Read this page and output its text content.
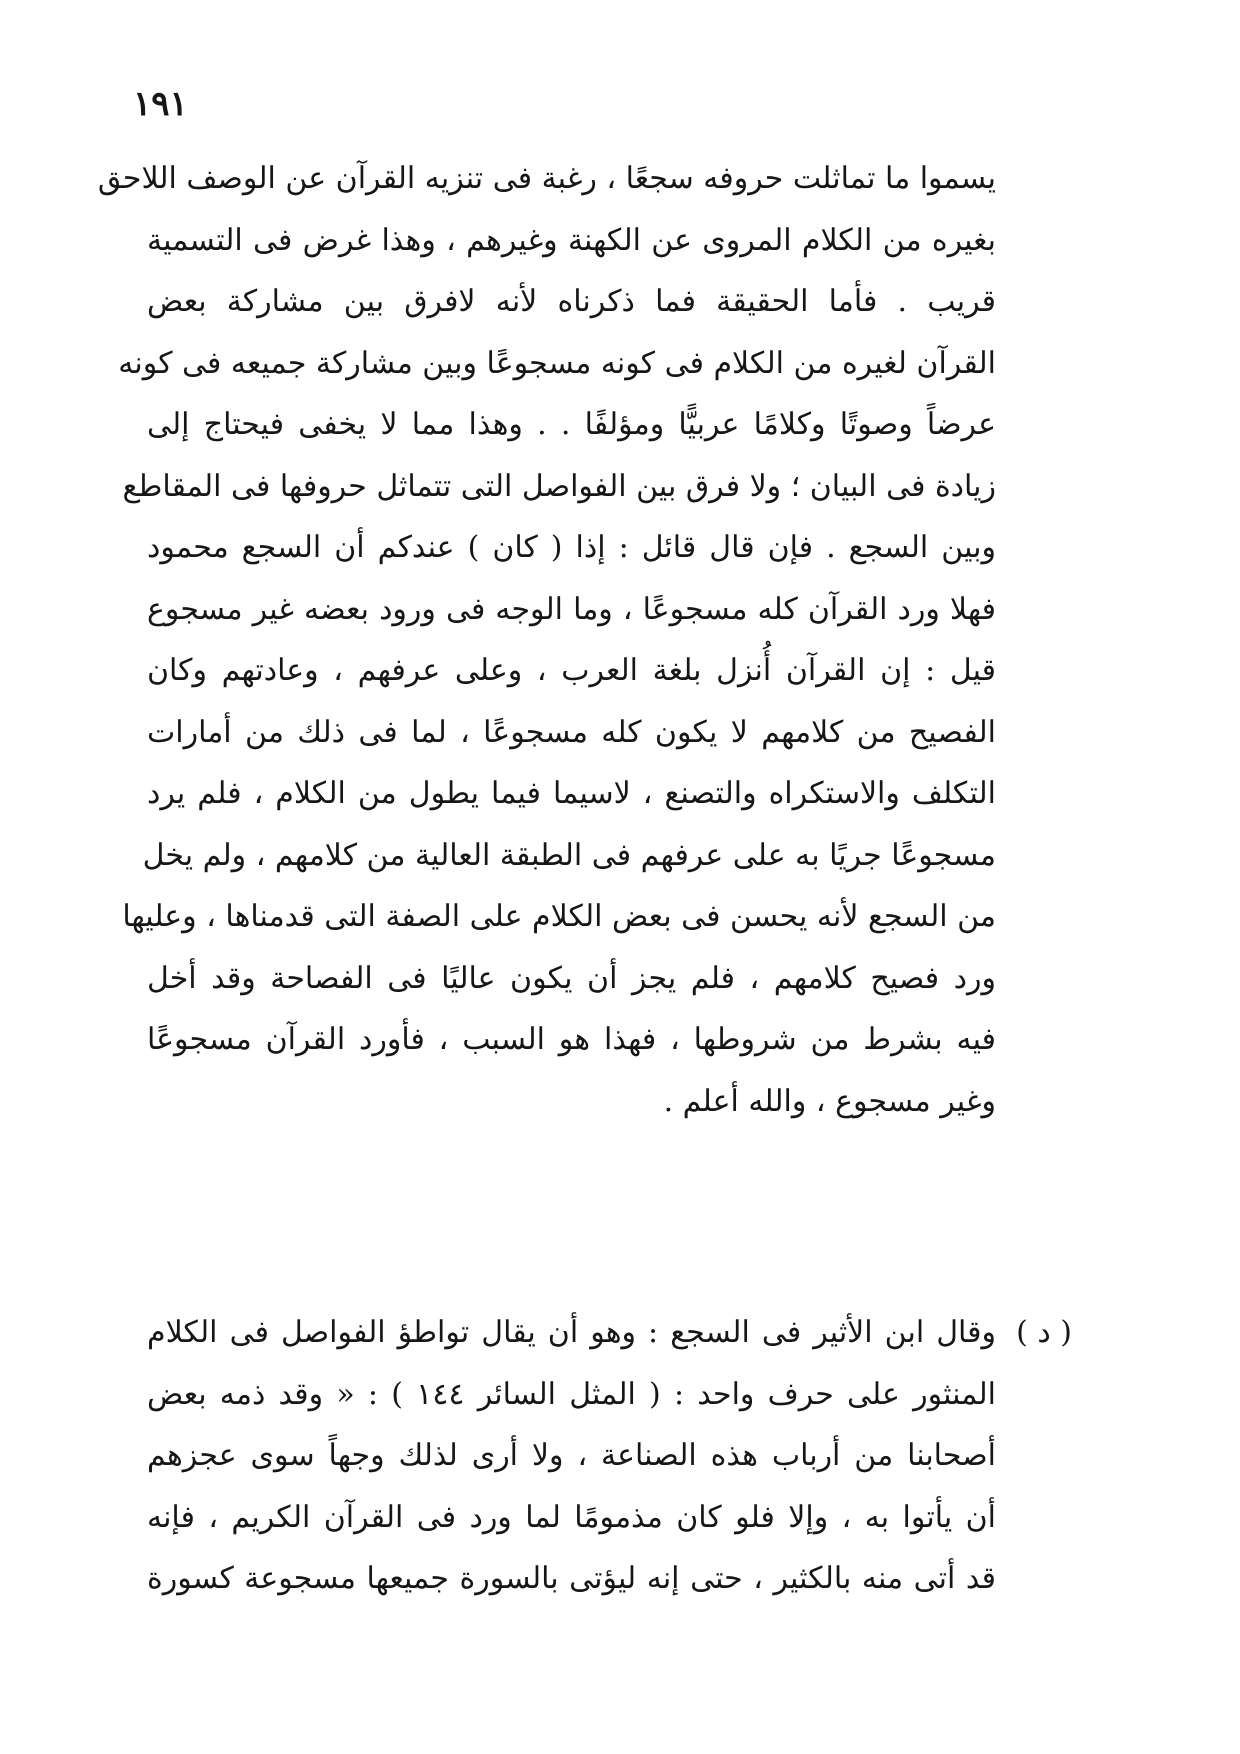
١٩١
يسموا ما تماثلت حروفه سجعًا ، رغبة فى تنزيه القرآن عن الوصف اللاحق
بغيره من الكلام المروى عن الكهنة وغيرهم ، وهذا غرض فى التسمية
قريب . فأما الحقيقة فما ذكرناه لأنه لافرق بين مشاركة بعض
القرآن لغيره من الكلام فى كونه مسجوعًا وبين مشاركة جميعه فى كونه
عرضاً وصوتًا وكلامًا عربيًّا ومؤلفًا . . وهذا مما لا يخفى فيحتاج إلى
زيادة فى البيان ؛ ولا فرق بين الفواصل التى تتماثل حروفها فى المقاطع
وبين السجع . فإن قال قائل : إذا ( كان ) عندكم أن السجع محمود
فهلا ورد القرآن كله مسجوعًا ، وما الوجه فى ورود بعضه غير مسجوع
قيل : إن القرآن أُنزل بلغة العرب ، وعلى عرفهم ، وعادتهم وكان
الفصيح من كلامهم لا يكون كله مسجوعًا ، لما فى ذلك من أمارات
التكلف والاستكراه والتصنع ، لاسيما فيما يطول من الكلام ، فلم يرد
مسجوعًا جريًا به على عرفهم فى الطبقة العالية من كلامهم ، ولم يخل
من السجع لأنه يحسن فى بعض الكلام على الصفة التى قدمناها ، وعليها
ورد فصيح كلامهم ، فلم يجز أن يكون عاليًا فى الفصاحة وقد أخل
فيه بشرط من شروطها ، فهذا هو السبب ، فأورد القرآن مسجوعًا
وغير مسجوع ، والله أعلم .
( د )
وقال ابن الأثير فى السجع : وهو أن يقال تواطؤ الفواصل فى الكلام
المنثور على حرف واحد : ( المثل السائر ١٤٤ ) : « وقد ذمه بعض
أصحابنا من أرباب هذه الصناعة ، ولا أرى لذلك وجهاً سوى عجزهم
أن يأتوا به ، وإلا فلو كان مذمومًا لما ورد فى القرآن الكريم ، فإنه
قد أتى منه بالكثير ، حتى إنه ليؤتى بالسورة جميعها مسجوعة كسورة
